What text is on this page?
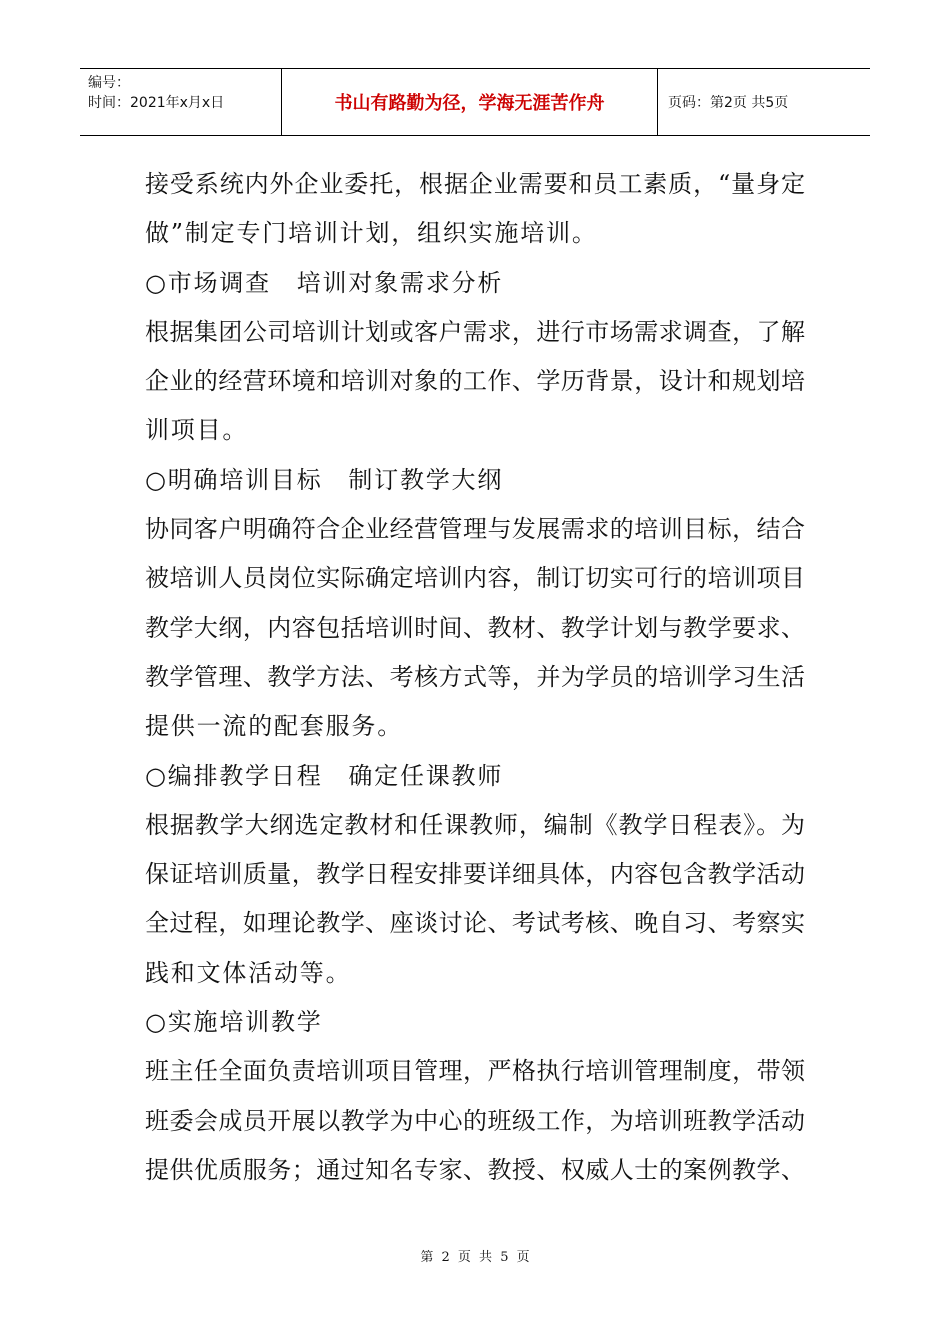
编号：
时间：2021年x月x日	书山有路勤为径，学海无涯苦作舟	页码：第2页 共5页
接受系统内外企业委托，根据企业需要和员工素质，“量身定
做”制定专门培训计划，组织实施培训。
○市场调查　培训对象需求分析
根据集团公司培训计划或客户需求，进行市场需求调查，了解
企业的经营环境和培训对象的工作、学历背景，设计和规划培
训项目。
○明确培训目标　制订教学大纲
协同客户明确符合企业经营管理与发展需求的培训目标，结合
被培训人员岗位实际确定培训内容，制订切实可行的培训项目
教学大纲，内容包括培训时间、教材、教学计划与教学要求、
教学管理、教学方法、考核方式等，并为学员的培训学习生活
提供一流的配套服务。
○编排教学日程　确定任课教师
根据教学大纲选定教材和任课教师，编制《教学日程表》。为
保证培训质量，教学日程安排要详细具体，内容包含教学活动
全过程，如理论教学、座谈讨论、考试考核、晚自习、考察实
践和文体活动等。
○实施培训教学
班主任全面负责培训项目管理，严格执行培训管理制度，带领
班委会成员开展以教学为中心的班级工作，为培训班教学活动
提供优质服务；通过知名专家、教授、权威人士的案例教学、
第 2 页 共 5 页
